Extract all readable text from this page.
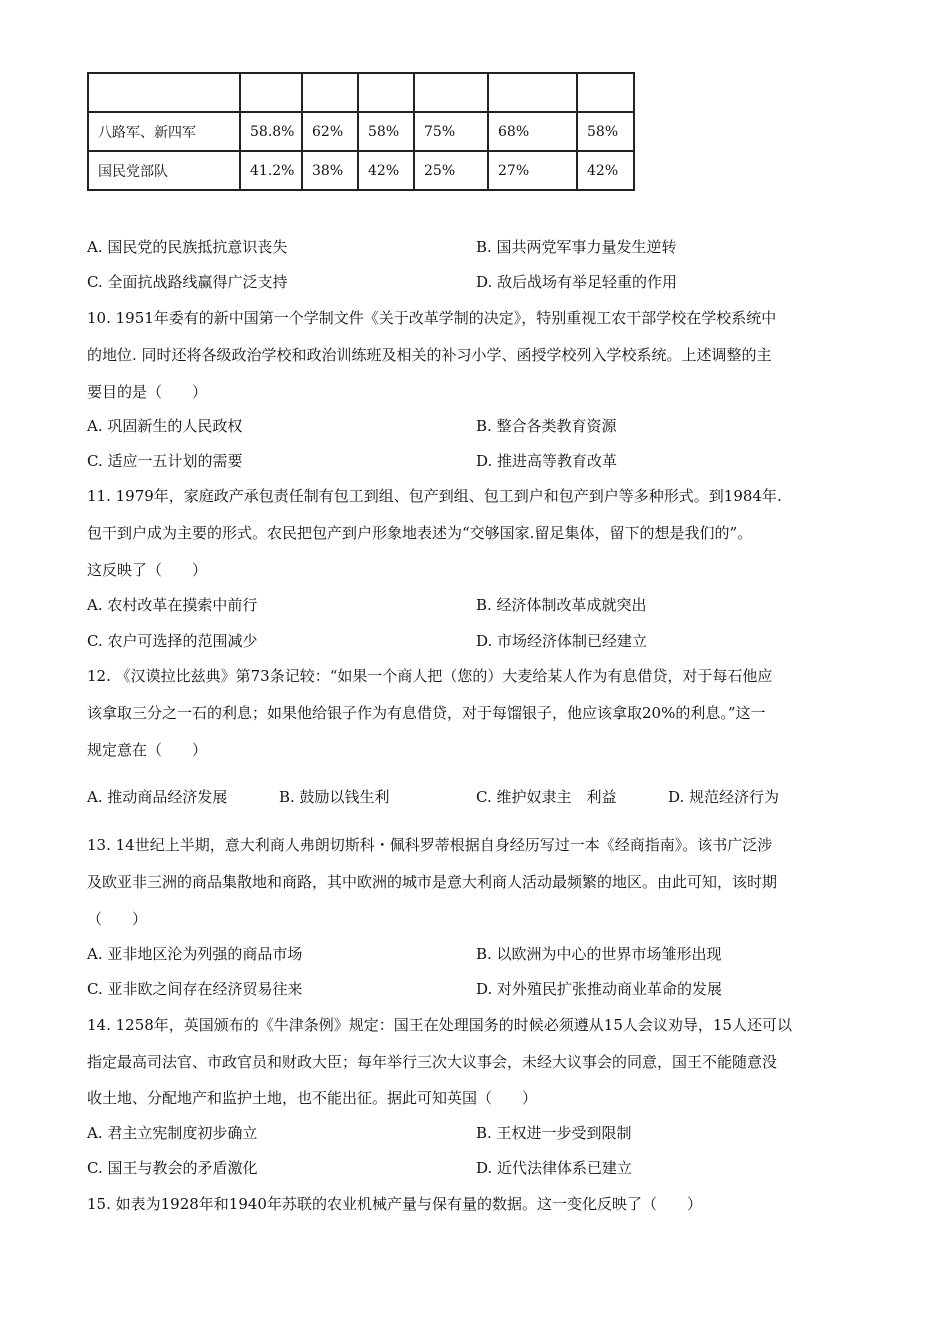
八路军、新四军	58.8%	62%	58%	75%	68%	58%
国民党部队	41.2%	38%	42%	25%	27%	42%
A. 国民党的民族抵抗意识丧失	B. 国共两党军事力量发生逆转
C. 全面抗战路线赢得广泛支持	D. 敌后战场有举足轻重的作用
10. 1951年委有的新中国第一个学制文件《关于改革学制的决定》，特别重视工农干部学校在学校系统中
的地位. 同时还将各级政治学校和政治训练班及相关的补习小学、函授学校列入学校系统。上述调整的主
要目的是（　　）
A. 巩固新生的人民政权	B. 整合各类教育资源
C. 适应一五计划的需要	D. 推进高等教育改革
11. 1979年，家庭政产承包责任制有包工到组、包产到组、包工到户和包产到户等多种形式。到1984年.
包干到户成为主要的形式。农民把包产到户形象地表述为“交够国家.留足集体，留下的想是我们的”。
这反映了（　　）
A. 农村改革在摸索中前行	B. 经济体制改革成就突出
C. 农户可选择的范围减少	D. 市场经济体制已经建立
12. 《汉谟拉比兹典》第73条记较：“如果一个商人把（您的）大麦给某人作为有息借贷，对于每石他应
该拿取三分之一石的利息；如果他给银子作为有息借贷，对于每馏银子，他应该拿取20%的利息。”这一
规定意在（　　）
A. 推动商品经济发展	B. 鼓励以钱生利	C. 维护奴隶主　利益	D. 规范经济行为
13. 14世纪上半期，意大利商人弗朗切斯科・佩科罗蒂根据自身经历写过一本《经商指南》。该书广泛涉
及欧亚非三洲的商品集散地和商路，其中欧洲的城市是意大利商人活动最频繁的地区。由此可知，该时期
（　　）
A. 亚非地区沦为列强的商品市场	B. 以欧洲为中心的世界市场雏形出现
C. 亚非欧之间存在经济贸易往来	D. 对外殖民扩张推动商业革命的发展
14. 1258年，英国颁布的《牛津条例》规定：国王在处理国务的时候必须遵从15人会议劝导，15人还可以
指定最高司法官、市政官员和财政大臣；每年举行三次大议事会，未经大议事会的同意，国王不能随意没
收土地、分配地产和监护土地，也不能出征。据此可知英国（　　）
A. 君主立宪制度初步确立	B. 王权进一步受到限制
C. 国王与教会的矛盾激化	D. 近代法律体系已建立
15. 如表为1928年和1940年苏联的农业机械产量与保有量的数据。这一变化反映了（　　）
